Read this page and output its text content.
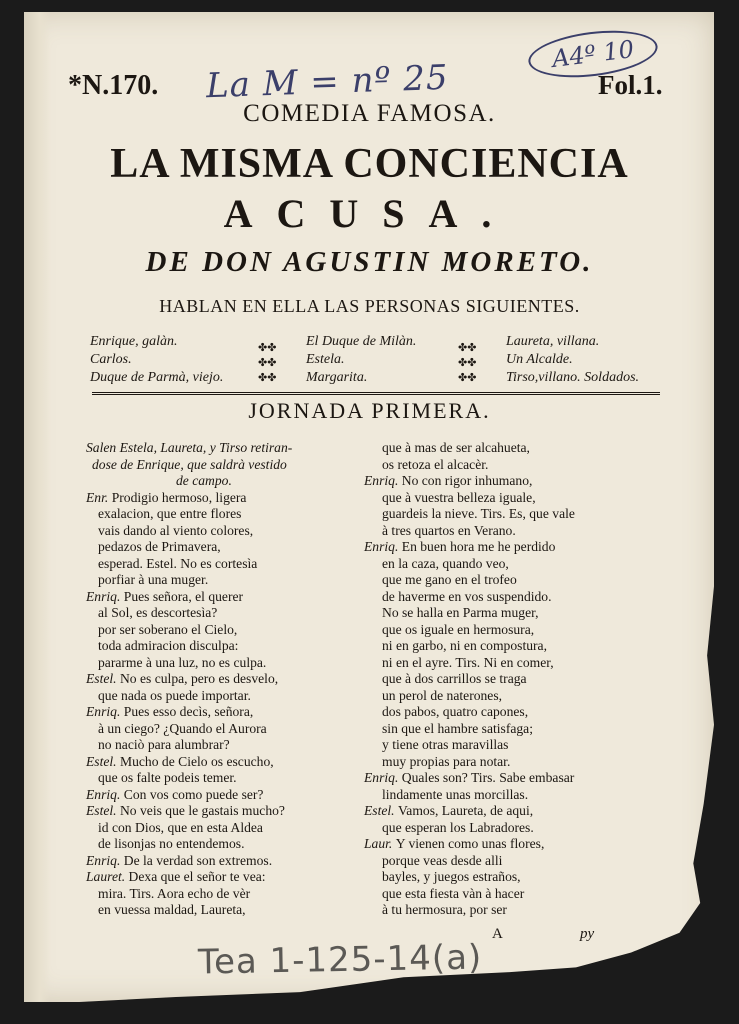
*N.170. La M = nº 25
A4º 10
Fol.1.
COMEDIA FAMOSA.
LA MISMA CONCIENCIA
ACUSA.
DE DON AGUSTIN MORETO.
HABLAN EN ELLA LAS PERSONAS SIGUIENTES.
Enrique, galàn.
Carlos.
Duque de Parmà, viejo.
✤✤
✤✤
✤✤
El Duque de Milàn.
Estela.
Margarita.
✤✤
✤✤
✤✤
Laureta, villana.
Un Alcalde.
Tirso,villano. Soldados.
JORNADA PRIMERA.
Salen Estela, Laureta, y Tirso retiran-
dose de Enrique, que saldrà vestido
de campo.
Enr. Prodigio hermoso, ligera
exalacion, que entre flores
vais dando al viento colores,
pedazos de Primavera,
esperad. Estel. No es cortesìa
porfiar à una muger.
Enriq. Pues señora, el querer
al Sol, es descortesìa?
por ser soberano el Cielo,
toda admiracion disculpa:
pararme à una luz, no es culpa.
Estel. No es culpa, pero es desvelo,
que nada os puede importar.
Enriq. Pues esso decìs, señora,
à un ciego? ¿Quando el Aurora
no naciò para alumbrar?
Estel. Mucho de Cielo os escucho,
que os falte podeis temer.
Enriq. Con vos como puede ser?
Estel. No veis que le gastais mucho?
id con Dios, que en esta Aldea
de lisonjas no entendemos.
Enriq. De la verdad son extremos.
Lauret. Dexa que el señor te vea:
mira. Tirs. Aora echo de vèr
en vuessa maldad, Laureta,
que à mas de ser alcahueta,
os retoza el alcacèr.
Enriq. No con rigor inhumano,
que à vuestra belleza iguale,
guardeis la nieve. Tirs. Es, que vale
à tres quartos en Verano.
Enriq. En buen hora me he perdido
en la caza, quando veo,
que me gano en el trofeo
de haverme en vos suspendido.
No se halla en Parma muger,
que os iguale en hermosura,
ni en garbo, ni en compostura,
ni en el ayre. Tirs. Ni en comer,
que à dos carrillos se traga
un perol de naterones,
dos pabos, quatro capones,
sin que el hambre satisfaga;
y tiene otras maravillas
muy propias para notar.
Enriq. Quales son? Tirs. Sabe embasar
lindamente unas morcillas.
Estel. Vamos, Laureta, de aqui,
que esperan los Labradores.
Laur. Y vienen como unas flores,
porque veas desde alli
bayles, y juegos estraños,
que esta fiesta vàn à hacer
à tu hermosura, por ser
A	py
Tea 1-125-14(a)
